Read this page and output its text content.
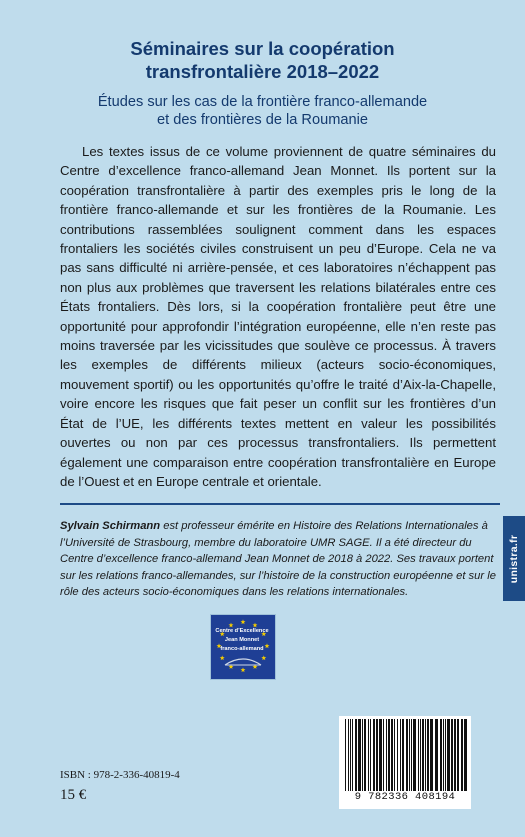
Séminaires sur la coopération
transfrontalière 2018–2022
Études sur les cas de la frontière franco-allemande
et des frontières de la Roumanie
Les textes issus de ce volume proviennent de quatre séminaires du Centre d’excellence franco-allemand Jean Monnet. Ils portent sur la coopération transfrontalière à partir des exemples pris le long de la frontière franco-allemande et sur les frontières de la Roumanie. Les contributions rassemblées soulignent comment dans les espaces frontaliers les sociétés civiles construisent un peu d’Europe. Cela ne va pas sans difficulté ni arrière-pensée, et ces laboratoires n’échappent pas non plus aux problèmes que traversent les relations bilatérales entre ces États frontaliers. Dès lors, si la coopération frontalière peut être une opportunité pour approfondir l’intégration européenne, elle n’en reste pas moins traversée par les vicissitudes que soulève ce processus. À travers les exemples de différents milieux (acteurs socio-économiques, mouvement sportif) ou les opportunités qu’offre le traité d’Aix-la-Chapelle, voire encore les risques que fait peser un conflit sur les frontières d’un État de l’UE, les différents textes mettent en valeur les possibilités ouvertes ou non par ces processus transfrontaliers. Ils permettent également une comparaison entre coopération transfrontalière en Europe de l’Ouest et en Europe centrale et orientale.
Sylvain Schirmann est professeur émérite en Histoire des Relations Internationales à l’Université de Strasbourg, membre du laboratoire UMR SAGE. Il a été directeur du Centre d’excellence franco-allemand Jean Monnet de 2018 à 2022. Ses travaux portent sur les relations franco-allemandes, sur l’histoire de la construction européenne et sur le rôle des acteurs socio-économiques dans les relations internationales.
unistra.fr
Centre d’Excellence
Jean Monnet
franco-allemand
ISBN : 978-2-336-40819-4
15 €	9 782336 408194
